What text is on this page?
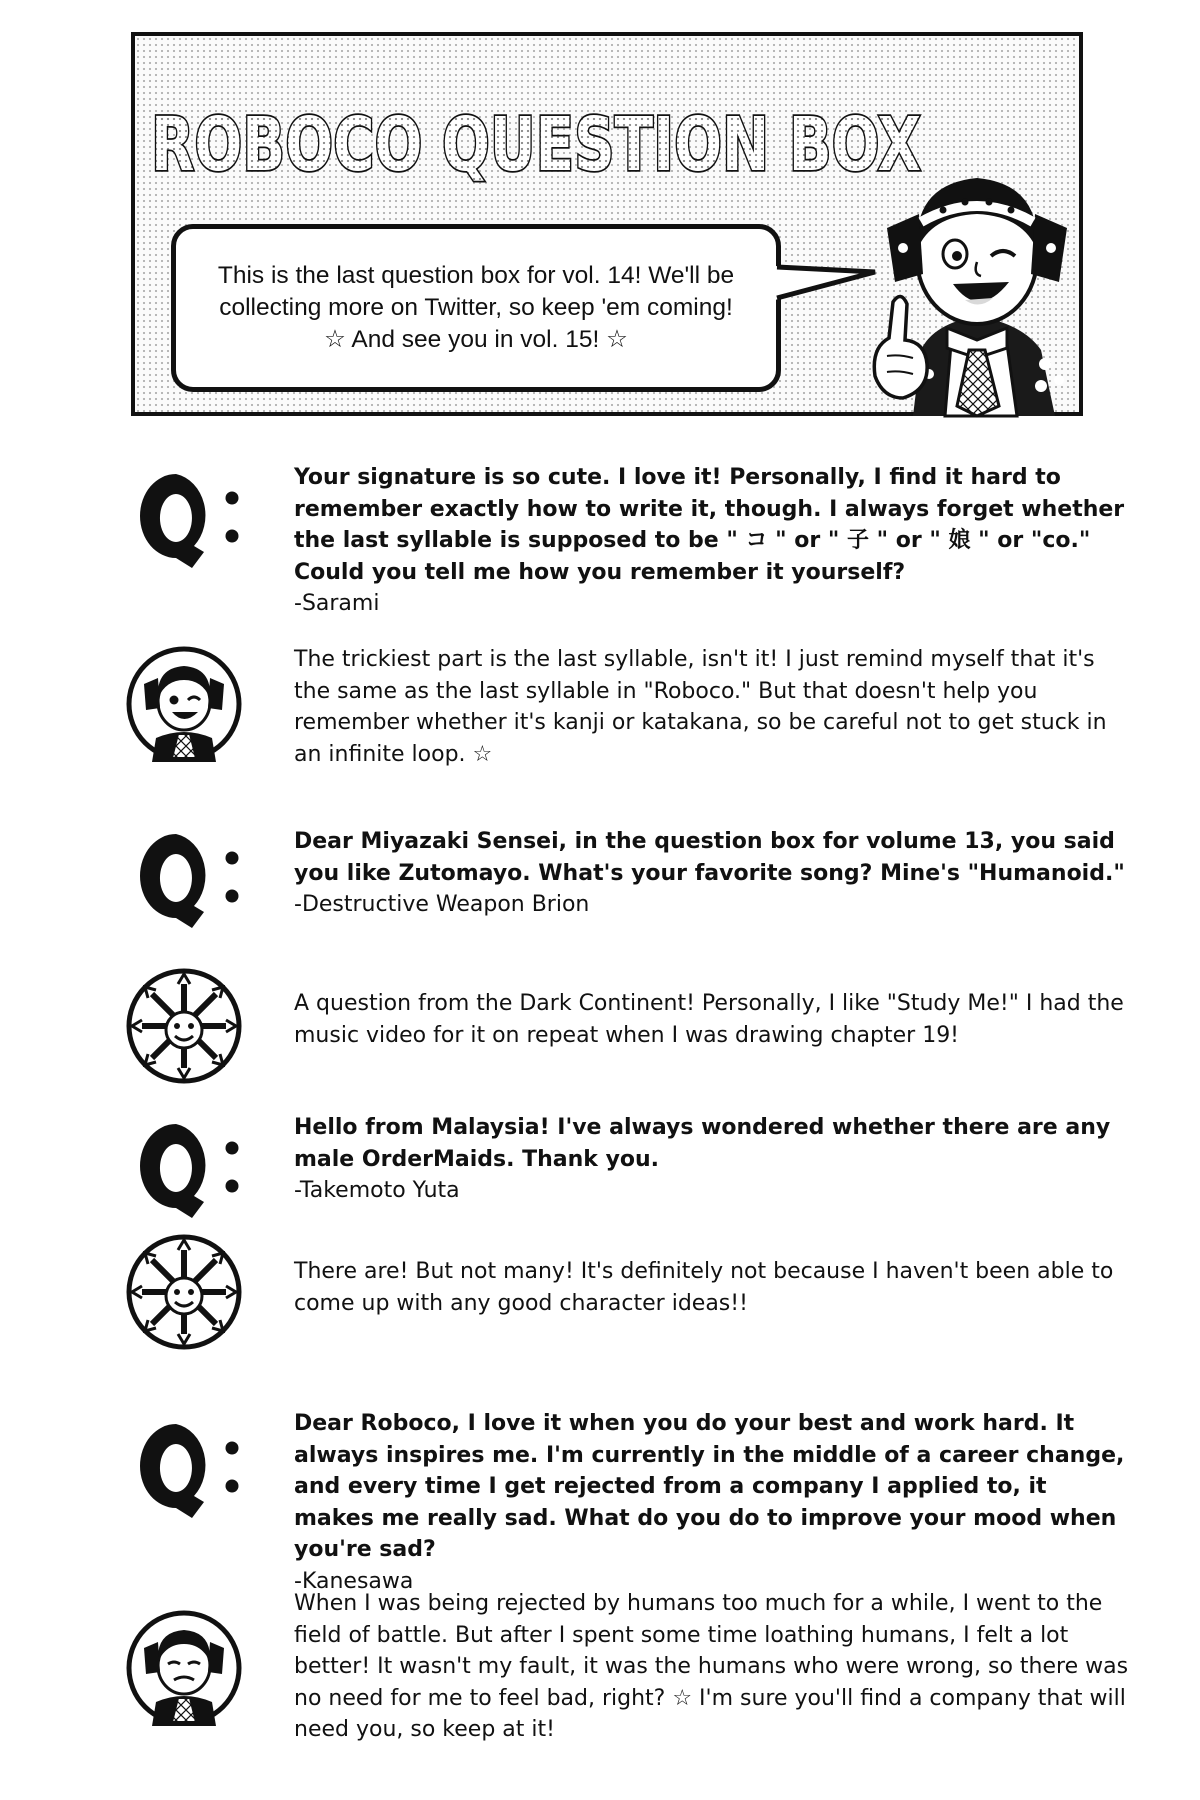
ROBOCO QUESTION BOX
This is the last question box for vol. 14! We'll be collecting more on Twitter, so keep 'em coming! ☆ And see you in vol. 15! ☆
Your signature is so cute. I love it! Personally, I find it hard to remember exactly how to write it, though. I always forget whether the last syllable is supposed to be " コ " or " 子 " or " 娘 " or "co." Could you tell me how you remember it yourself?
-Sarami
The trickiest part is the last syllable, isn't it! I just remind myself that it's the same as the last syllable in "Roboco." But that doesn't help you remember whether it's kanji or katakana, so be careful not to get stuck in an infinite loop. ☆
Dear Miyazaki Sensei, in the question box for volume 13, you said you like Zutomayo. What's your favorite song? Mine's "Humanoid."
-Destructive Weapon Brion
A question from the Dark Continent! Personally, I like "Study Me!" I had the music video for it on repeat when I was drawing chapter 19!
Hello from Malaysia! I've always wondered whether there are any male OrderMaids. Thank you.
-Takemoto Yuta
There are! But not many! It's definitely not because I haven't been able to come up with any good character ideas!!
Dear Roboco, I love it when you do your best and work hard. It always inspires me. I'm currently in the middle of a career change, and every time I get rejected from a company I applied to, it makes me really sad. What do you do to improve your mood when you're sad?
-Kanesawa
When I was being rejected by humans too much for a while, I went to the field of battle. But after I spent some time loathing humans, I felt a lot better! It wasn't my fault, it was the humans who were wrong, so there was no need for me to feel bad, right? ☆ I'm sure you'll find a company that will need you, so keep at it!
